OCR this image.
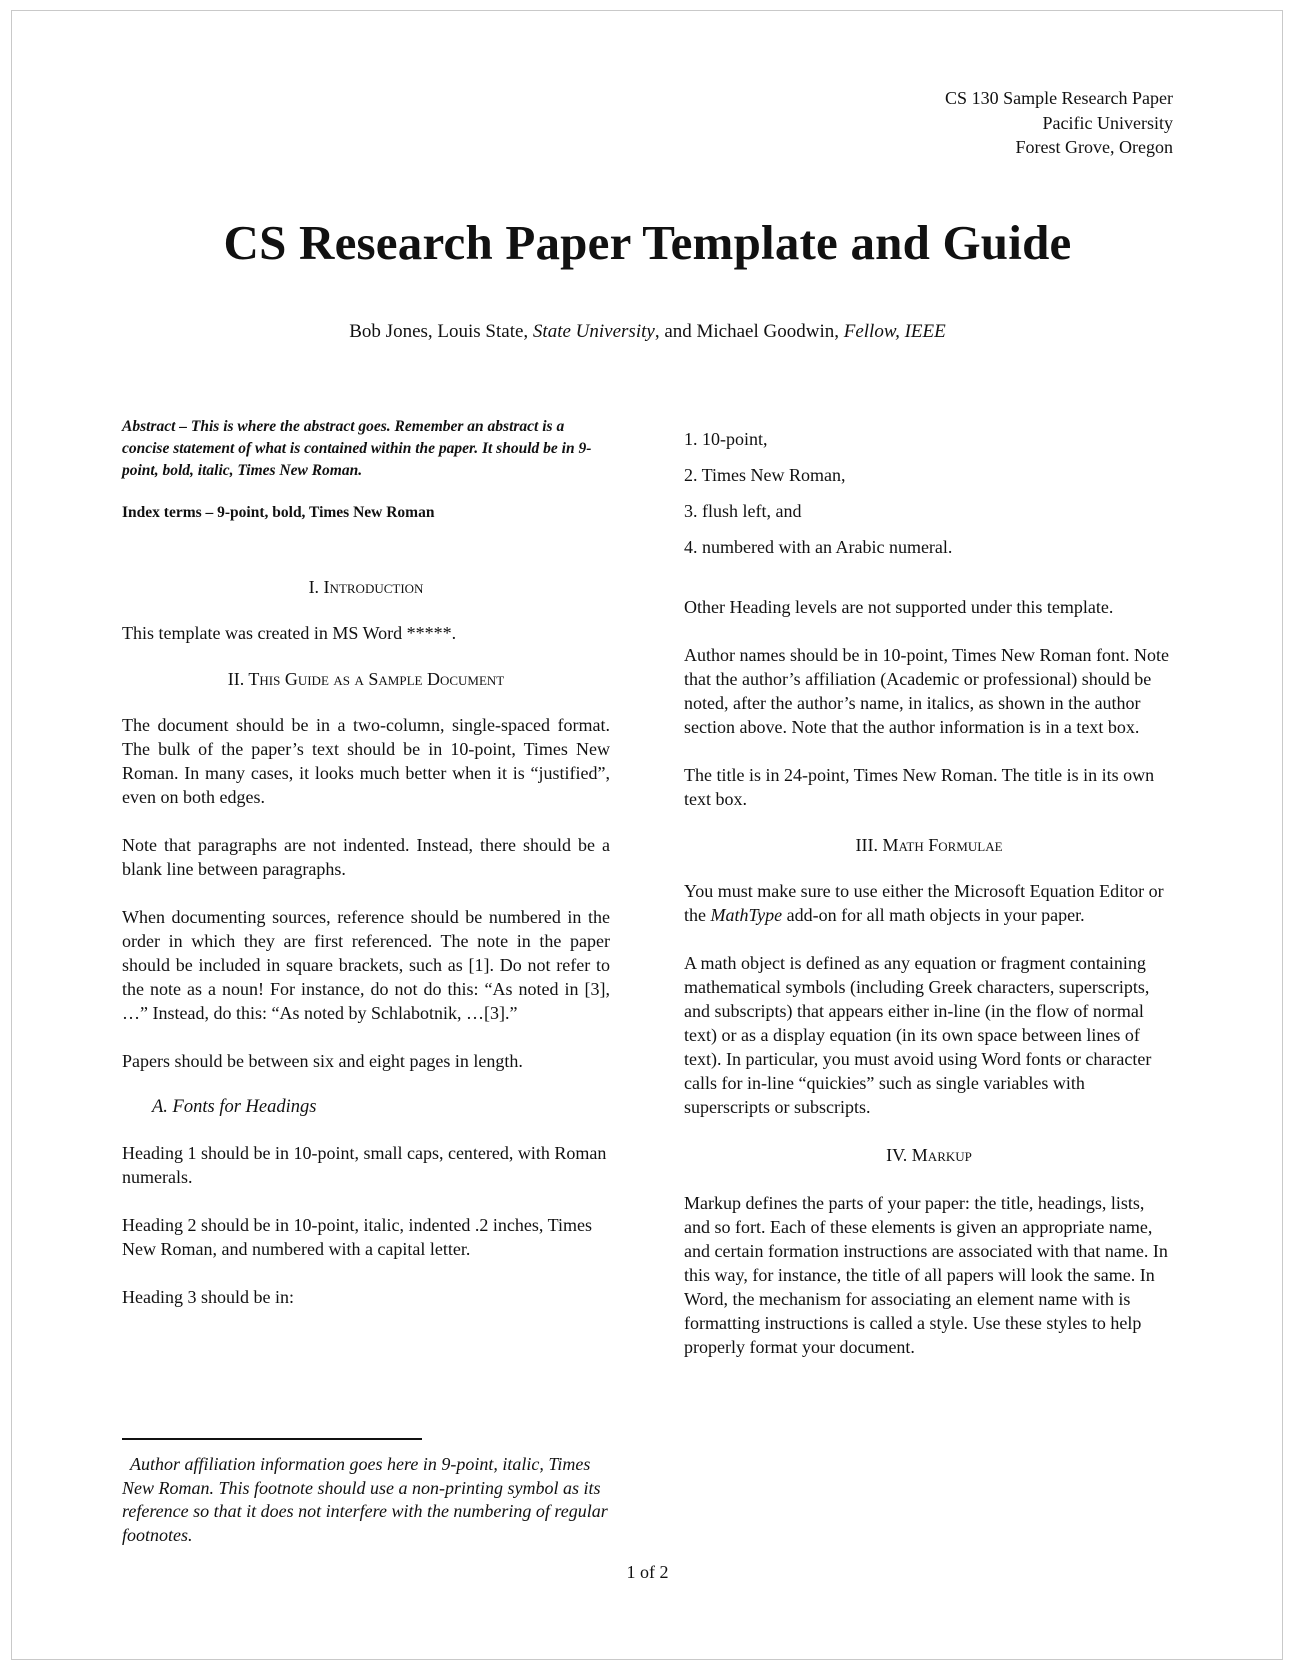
CS 130 Sample Research Paper
Pacific University
Forest Grove, Oregon
CS Research Paper Template and Guide
Bob Jones, Louis State, State University, and Michael Goodwin, Fellow, IEEE

Abstract – This is where the abstract goes. Remember an abstract is a concise statement of what is contained within the paper. It should be in 9-point, bold, italic, Times New Roman.

Index terms – 9-point, bold, Times New Roman

I. Introduction

This template was created in MS Word *****.

II. This Guide as a Sample Document

The document should be in a two-column, single-spaced format. The bulk of the paper’s text should be in 10-point, Times New Roman. In many cases, it looks much better when it is “justified”, even on both edges.

Note that paragraphs are not indented. Instead, there should be a blank line between paragraphs.

When documenting sources, reference should be numbered in the order in which they are first referenced. The note in the paper should be included in square brackets, such as [1]. Do not refer to the note as a noun! For instance, do not do this: “As noted in [3], …” Instead, do this: “As noted by Schlabotnik, …[3].”

Papers should be between six and eight pages in length.

A. Fonts for Headings

Heading 1 should be in 10-point, small caps, centered, with Roman numerals.

Heading 2 should be in 10-point, italic, indented .2 inches, Times New Roman, and numbered with a capital letter.

Heading 3 should be in:

Author affiliation information goes here in 9-point, italic, Times New Roman. This footnote should use a non-printing symbol as its reference so that it does not interfere with the numbering of regular footnotes.

1. 10-point,

2. Times New Roman,

3. flush left, and

4. numbered with an Arabic numeral.

Other Heading levels are not supported under this template.

Author names should be in 10-point, Times New Roman font. Note that the author’s affiliation (Academic or professional) should be noted, after the author’s name, in italics, as shown in the author section above. Note that the author information is in a text box.

The title is in 24-point, Times New Roman. The title is in its own text box.

III. Math Formulae

You must make sure to use either the Microsoft Equation Editor or the MathType add-on for all math objects in your paper.

A math object is defined as any equation or fragment containing mathematical symbols (including Greek characters, superscripts, and subscripts) that appears either in-line (in the flow of normal text) or as a display equation (in its own space between lines of text). In particular, you must avoid using Word fonts or character calls for in-line “quickies” such as single variables with superscripts or subscripts.

IV. Markup

Markup defines the parts of your paper: the title, headings, lists, and so fort. Each of these elements is given an appropriate name, and certain formation instructions are associated with that name. In this way, for instance, the title of all papers will look the same. In Word, the mechanism for associating an element name with is formatting instructions is called a style. Use these styles to help properly format your document.

1 of 2
